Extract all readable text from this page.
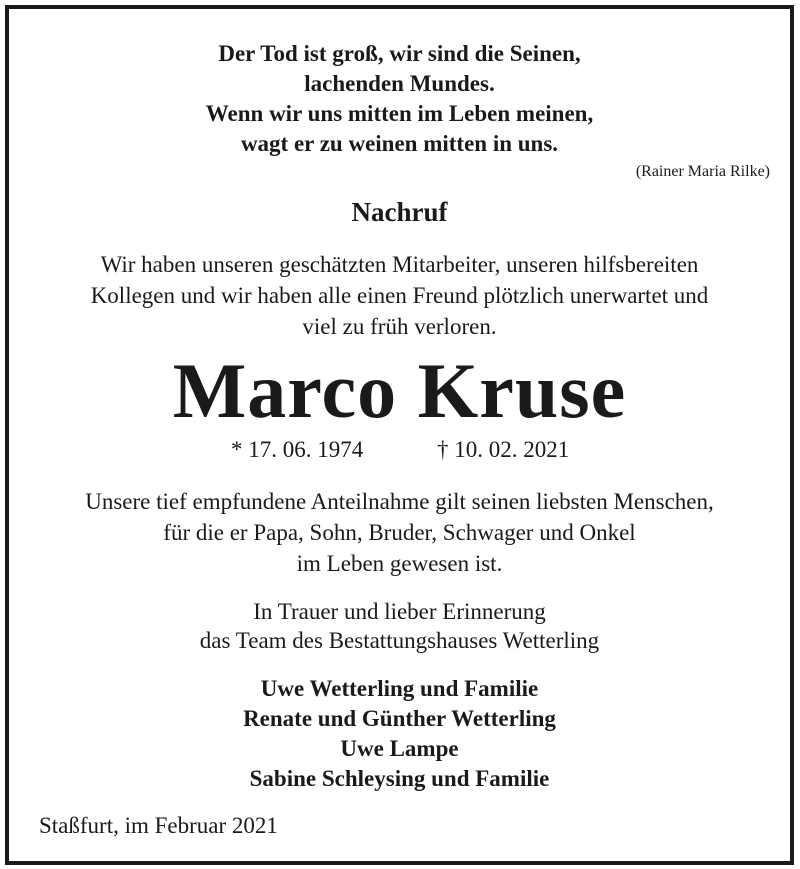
Der Tod ist groß, wir sind die Seinen,
lachenden Mundes.
Wenn wir uns mitten im Leben meinen,
wagt er zu weinen mitten in uns.
(Rainer Maria Rilke)
Nachruf
Wir haben unseren geschätzten Mitarbeiter, unseren hilfsbereiten
Kollegen und wir haben alle einen Freund plötzlich unerwartet und
viel zu früh verloren.
Marco Kruse
* 17. 06. 1974	† 10. 02. 2021
Unsere tief empfundene Anteilnahme gilt seinen liebsten Menschen,
für die er Papa, Sohn, Bruder, Schwager und Onkel
im Leben gewesen ist.
In Trauer und lieber Erinnerung
das Team des Bestattungshauses Wetterling
Uwe Wetterling und Familie
Renate und Günther Wetterling
Uwe Lampe
Sabine Schleysing und Familie
Staßfurt, im Februar 2021
